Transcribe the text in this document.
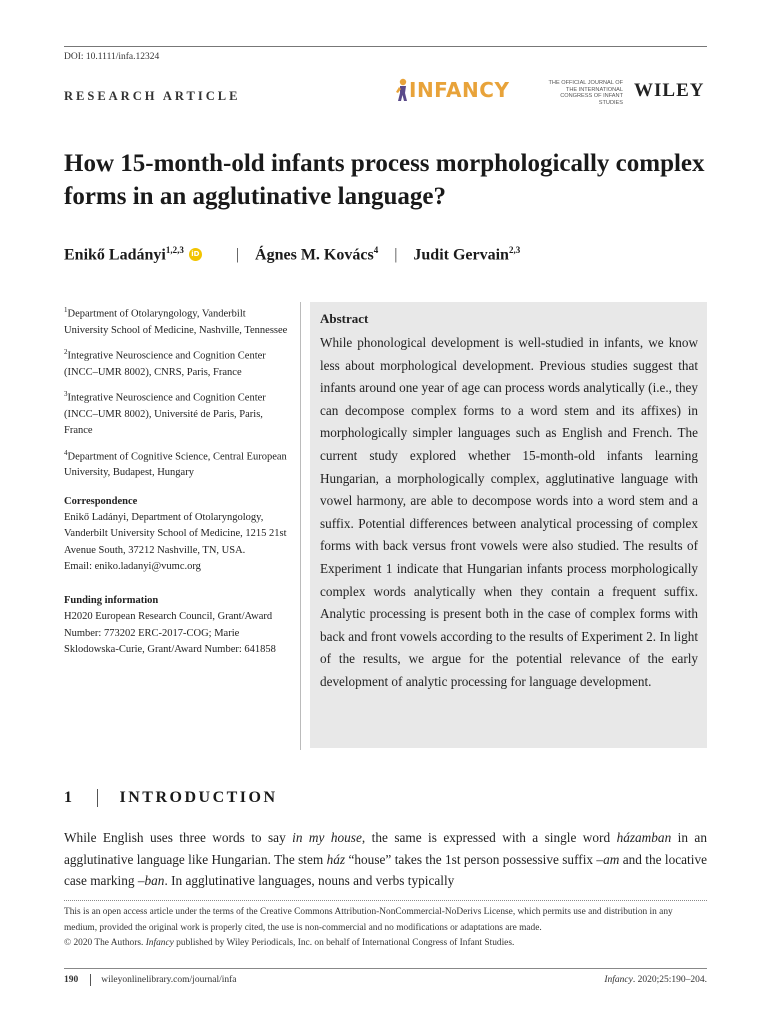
DOI: 10.1111/infa.12324
RESEARCH ARTICLE	INFANCY	THE OFFICIAL JOURNAL OF THE INTERNATIONAL CONGRESS OF INFANT STUDIES
WILEY
How 15-month-old infants process morphologically complex forms in an agglutinative language?
Enikő Ladányi$^{1,2,3}$	iD | Ágnes M. Kovács$^4$ | Judit Gervain$^{2,3}$
$^1$Department of Otolaryngology, Vanderbilt University School of Medicine, Nashville, Tennessee
$^2$Integrative Neuroscience and Cognition Center (INCC–UMR 8002), CNRS, Paris, France
$^3$Integrative Neuroscience and Cognition Center (INCC–UMR 8002), Université de Paris, Paris, France
$^4$Department of Cognitive Science, Central European University, Budapest, Hungary
Correspondence
Enikő Ladányi, Department of Otolaryngology, Vanderbilt University School of Medicine, 1215 21st Avenue South, 37212 Nashville, TN, USA.
Email: eniko.ladanyi@vumc.org
Funding information
H2020 European Research Council, Grant/Award Number: 773202 ERC-2017-COG; Marie Sklodowska-Curie, Grant/Award Number: 641858
Abstract
While phonological development is well-studied in infants, we know less about morphological development. Previous studies suggest that infants around one year of age can process words analytically (i.e., they can decompose complex forms to a word stem and its affixes) in morphologically simpler languages such as English and French. The current study explored whether 15-month-old infants learning Hungarian, a morphologically complex, agglutinative language with vowel harmony, are able to decompose words into a word stem and a suffix. Potential differences between analytical processing of complex forms with back versus front vowels were also studied. The results of Experiment 1 indicate that Hungarian infants process morphologically complex words analytically when they contain a frequent suffix. Analytic processing is present both in the case of complex forms with back and front vowels according to the results of Experiment 2. In light of the results, we argue for the potential relevance of the early development of analytic processing for language development.
1	INTRODUCTION
While English uses three words to say in my house, the same is expressed with a single word házamban in an agglutinative language like Hungarian. The stem ház “house” takes the 1st person possessive suffix –am and the locative case marking –ban. In agglutinative languages, nouns and verbs typically
This is an open access article under the terms of the Creative Commons Attribution-NonCommercial-NoDerivs License, which permits use and distribution in any medium, provided the original work is properly cited, the use is non-commercial and no modifications or adaptations are made.
© 2020 The Authors. Infancy published by Wiley Periodicals, Inc. on behalf of International Congress of Infant Studies.
190 wileyonlinelibrary.com/journal/infa	Infancy. 2020;25:190–204.
